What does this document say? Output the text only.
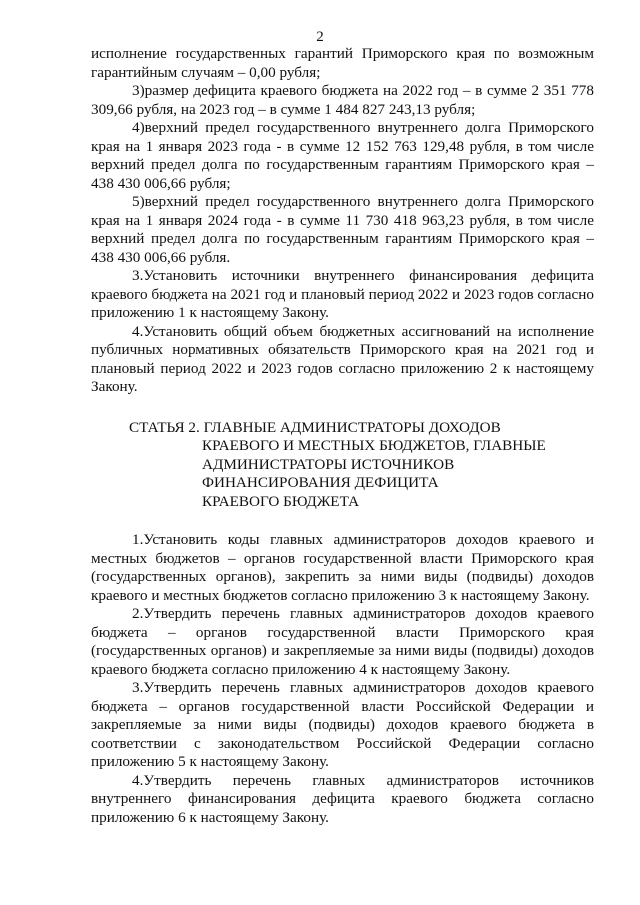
2

исполнение государственных гарантий Приморского края по возможным гарантийным случаям – 0,00 рубля;

3)размер дефицита краевого бюджета на 2022 год – в сумме 2 351 778 309,66 рубля, на 2023 год – в сумме 1 484 827 243,13 рубля;

4)верхний предел государственного внутреннего долга Приморского края на 1 января 2023 года - в сумме 12 152 763 129,48 рубля, в том числе верхний предел долга по государственным гарантиям Приморского края – 438 430 006,66 рубля;

5)верхний предел государственного внутреннего долга Приморского края на 1 января 2024 года - в сумме 11 730 418 963,23 рубля, в том числе верхний предел долга по государственным гарантиям Приморского края – 438 430 006,66 рубля.

3.Установить источники внутреннего финансирования дефицита краевого бюджета на 2021 год и плановый период 2022 и 2023 годов согласно приложению 1 к настоящему Закону.

4.Установить общий объем бюджетных ассигнований на исполнение публичных нормативных обязательств Приморского края на 2021 год и плановый период 2022 и 2023 годов согласно приложению 2 к настоящему Закону.

СТАТЬЯ 2. ГЛАВНЫЕ АДМИНИСТРАТОРЫ ДОХОДОВ
КРАЕВОГО И МЕСТНЫХ БЮДЖЕТОВ, ГЛАВНЫЕ
АДМИНИСТРАТОРЫ ИСТОЧНИКОВ
ФИНАНСИРОВАНИЯ ДЕФИЦИТА
КРАЕВОГО БЮДЖЕТА

1.Установить коды главных администраторов доходов краевого и местных бюджетов – органов государственной власти Приморского края (государственных органов), закрепить за ними виды (подвиды) доходов краевого и местных бюджетов согласно приложению 3 к настоящему Закону.

2.Утвердить перечень главных администраторов доходов краевого бюджета – органов государственной власти Приморского края (государственных органов) и закрепляемые за ними виды (подвиды) доходов краевого бюджета согласно приложению 4 к настоящему Закону.

3.Утвердить перечень главных администраторов доходов краевого бюджета – органов государственной власти Российской Федерации и закрепляемые за ними виды (подвиды) доходов краевого бюджета в соответствии с законодательством Российской Федерации согласно приложению 5 к настоящему Закону.

4.Утвердить перечень главных администраторов источников внутреннего финансирования дефицита краевого бюджета согласно приложению 6 к настоящему Закону.
